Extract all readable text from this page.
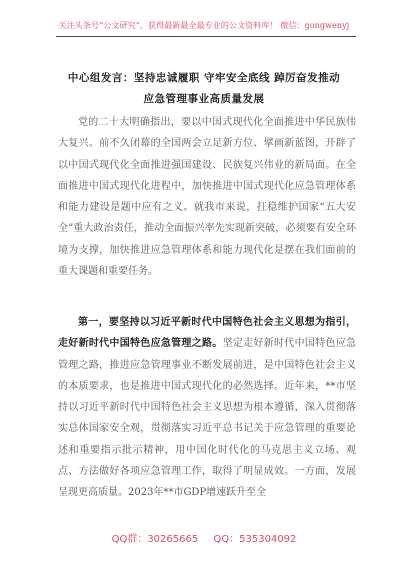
关注头条号“公文研究”，获得最新最全最专业的公文资料库！ 微信：gongwenyj
中心组发言：坚持忠诚履职 守牢安全底线 踔厉奋发推动
应急管理事业高质量发展
党的二十大明确指出，要以中国式现代化全面推进中华民族伟大复兴。前不久闭幕的全国两会立足新方位、擘画新蓝图，开辟了以中国式现代化全面推进强国建设、民族复兴伟业的新局面。在全面推进中国式现代化进程中，加快推进中国式现代化应急管理体系和能力建设是题中应有之义。就我市来说，扛稳维护国家“五大安全”重大政治责任，推动全面振兴率先实现新突破，必须要有安全环境为支撑，加快推进应急管理体系和能力现代化是摆在我们面前的重大课题和重要任务。
第一，要坚持以习近平新时代中国特色社会主义思想为指引，走好新时代中国特色应急管理之路。坚定走好新时代中国特色应急管理之路，推进应急管理事业不断发展前进，是中国特色社会主义的本质要求，也是推进中国式现代化的必然选择。近年来，**市坚持以习近平新时代中国特色社会主义思想为根本遵循，深入贯彻落实总体国家安全观，贯彻落实习近平总书记关于应急管理的重要论述和重要指示批示精神，用中国化时代化的马克思主义立场、观点、方法做好各项应急管理工作，取得了明显成效。一方面，发展呈现更高质量。2023年**市GDP增速跃升至全
QQ群：30265665 QQ：535304092
